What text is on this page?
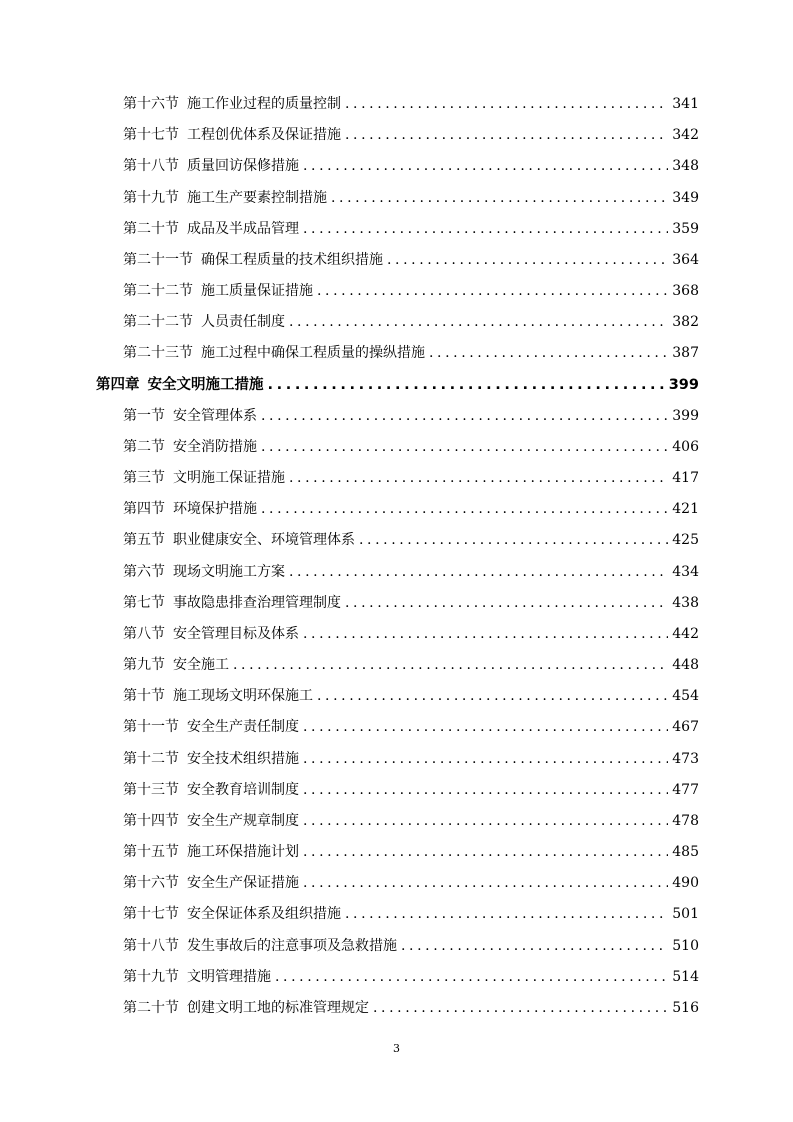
第十六节 施工作业过程的质量控制 .....	341
第十七节 工程创优体系及保证措施 .....	342
第十八节 质量回访保修措施 .....	348
第十九节 施工生产要素控制措施 .....	349
第二十节 成品及半成品管理 .....	359
第二十一节 确保工程质量的技术组织措施 .....	364
第二十二节 施工质量保证措施 .....	368
第二十二节 人员责任制度 .....	382
第二十三节 施工过程中确保工程质量的操纵措施 .....	387
第四章 安全文明施工措施 .....	399
第一节 安全管理体系 .....	399
第二节 安全消防措施 .....	406
第三节 文明施工保证措施 .....	417
第四节 环境保护措施 .....	421
第五节 职业健康安全、环境管理体系 .....	425
第六节 现场文明施工方案 .....	434
第七节 事故隐患排查治理管理制度 .....	438
第八节 安全管理目标及体系 .....	442
第九节 安全施工 .....	448
第十节 施工现场文明环保施工 .....	454
第十一节 安全生产责任制度 .....	467
第十二节 安全技术组织措施 .....	473
第十三节 安全教育培训制度 .....	477
第十四节 安全生产规章制度 .....	478
第十五节 施工环保措施计划 .....	485
第十六节 安全生产保证措施 .....	490
第十七节 安全保证体系及组织措施 .....	501
第十八节 发生事故后的注意事项及急救措施 .....	510
第十九节 文明管理措施 .....	514
第二十节 创建文明工地的标准管理规定 .....	516
3
